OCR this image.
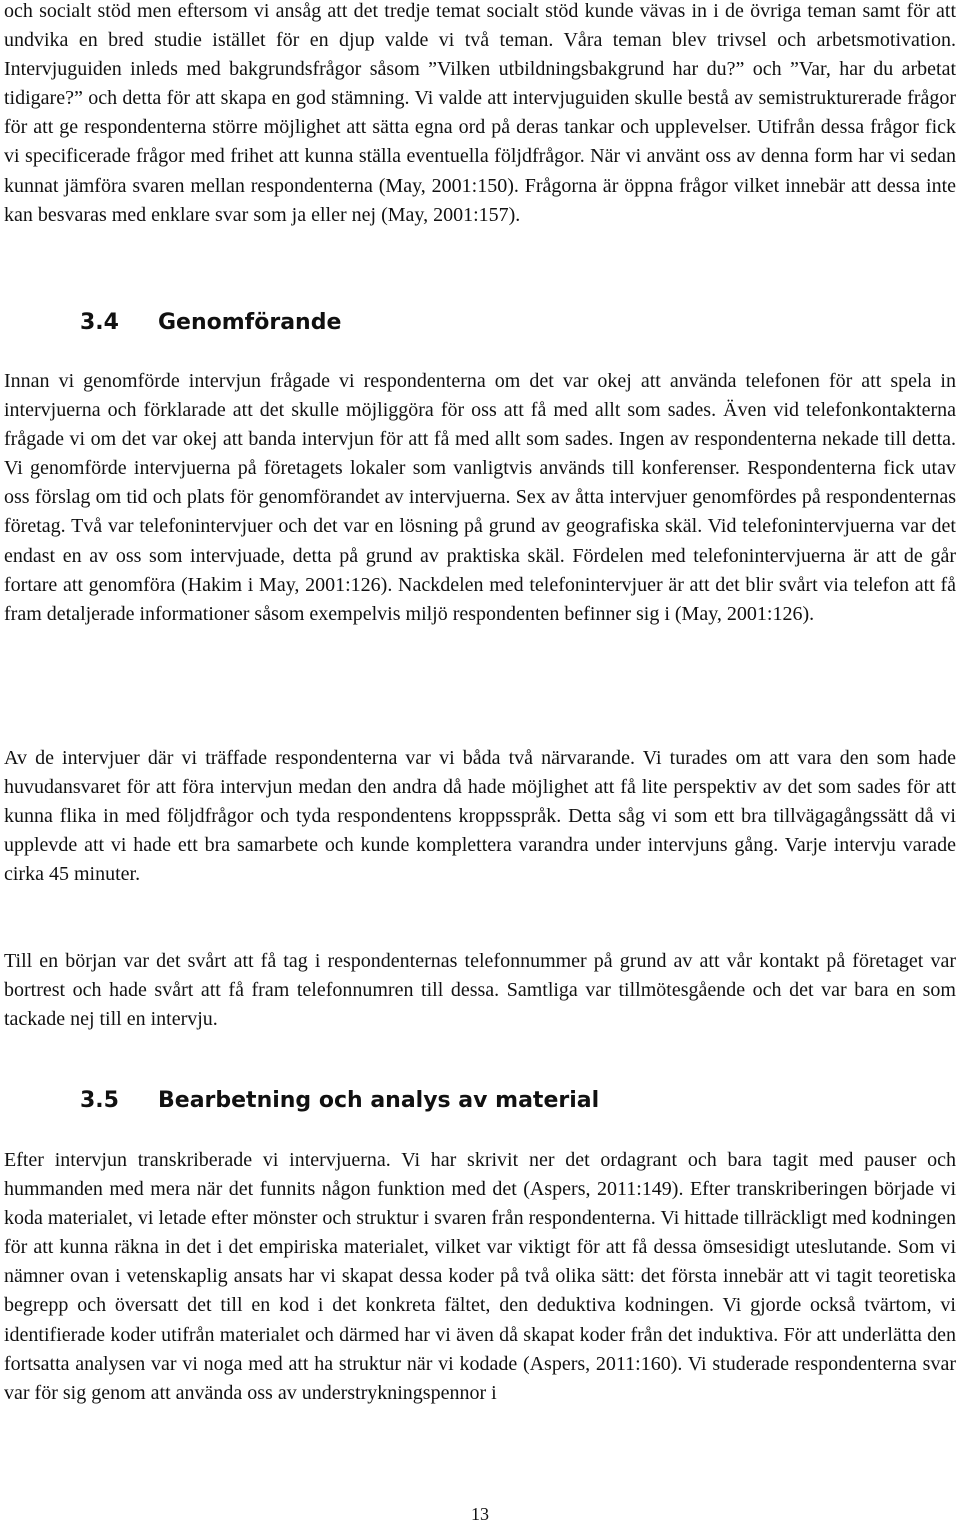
och socialt stöd men eftersom vi ansåg att det tredje temat socialt stöd kunde vävas in i de övriga teman samt för att undvika en bred studie istället för en djup valde vi två teman. Våra teman blev trivsel och arbetsmotivation. Intervjuguiden inleds med bakgrundsfrågor såsom ”Vilken utbildningsbakgrund har du?” och ”Var, har du arbetat tidigare?” och detta för att skapa en god stämning. Vi valde att intervjuguiden skulle bestå av semistrukturerade frågor för att ge respondenterna större möjlighet att sätta egna ord på deras tankar och upplevelser. Utifrån dessa frågor fick vi specificerade frågor med frihet att kunna ställa eventuella följdfrågor. När vi använt oss av denna form har vi sedan kunnat jämföra svaren mellan respondenterna (May, 2001:150). Frågorna är öppna frågor vilket innebär att dessa inte kan besvaras med enklare svar som ja eller nej (May, 2001:157).

3.4 Genomförande

Innan vi genomförde intervjun frågade vi respondenterna om det var okej att använda telefonen för att spela in intervjuerna och förklarade att det skulle möjliggöra för oss att få med allt som sades. Även vid telefonkontakterna frågade vi om det var okej att banda intervjun för att få med allt som sades. Ingen av respondenterna nekade till detta. Vi genomförde intervjuerna på företagets lokaler som vanligtvis används till konferenser. Respondenterna fick utav oss förslag om tid och plats för genomförandet av intervjuerna. Sex av åtta intervjuer genomfördes på respondenternas företag. Två var telefonintervjuer och det var en lösning på grund av geografiska skäl. Vid telefonintervjuerna var det endast en av oss som intervjuade, detta på grund av praktiska skäl. Fördelen med telefonintervjuerna är att de går fortare att genomföra (Hakim i May, 2001:126). Nackdelen med telefonintervjuer är att det blir svårt via telefon att få fram detaljerade informationer såsom exempelvis miljö respondenten befinner sig i (May, 2001:126).

Av de intervjuer där vi träffade respondenterna var vi båda två närvarande. Vi turades om att vara den som hade huvudansvaret för att föra intervjun medan den andra då hade möjlighet att få lite perspektiv av det som sades för att kunna flika in med följdfrågor och tyda respondentens kroppsspråk. Detta såg vi som ett bra tillvägagångssätt då vi upplevde att vi hade ett bra samarbete och kunde komplettera varandra under intervjuns gång. Varje intervju varade cirka 45 minuter.

Till en början var det svårt att få tag i respondenternas telefonnummer på grund av att vår kontakt på företaget var bortrest och hade svårt att få fram telefonnumren till dessa. Samtliga var tillmötesgående och det var bara en som tackade nej till en intervju.

3.5 Bearbetning och analys av material

Efter intervjun transkriberade vi intervjuerna. Vi har skrivit ner det ordagrant och bara tagit med pauser och hummanden med mera när det funnits någon funktion med det (Aspers, 2011:149). Efter transkriberingen började vi koda materialet, vi letade efter mönster och struktur i svaren från respondenterna. Vi hittade tillräckligt med kodningen för att kunna räkna in det i det empiriska materialet, vilket var viktigt för att få dessa ömsesidigt uteslutande. Som vi nämner ovan i vetenskaplig ansats har vi skapat dessa koder på två olika sätt: det första innebär att vi tagit teoretiska begrepp och översatt det till en kod i det konkreta fältet, den deduktiva kodningen. Vi gjorde också tvärtom, vi identifierade koder utifrån materialet och därmed har vi även då skapat koder från det induktiva. För att underlätta den fortsatta analysen var vi noga med att ha struktur när vi kodade (Aspers, 2011:160). Vi studerade respondenterna svar var för sig genom att använda oss av understrykningspennor i

13
